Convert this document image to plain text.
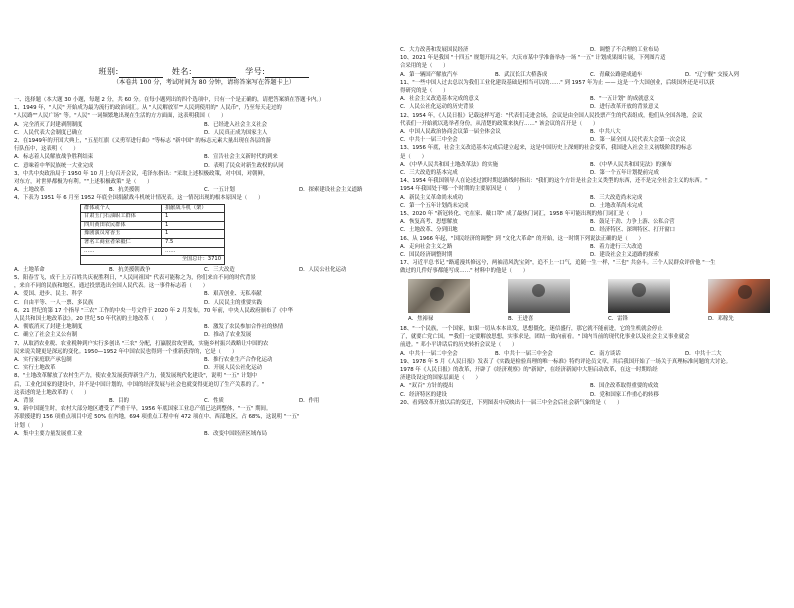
班别:	姓名:	学号:
（本卷共 100 分，考试时间为 80 分钟，请将答案写在答题卡上）
一、选择题（本大题 30 小题，每题 2 分，共 60 分。在每小题列出的四个选项中，只有一个是正确的，请把答案填在答题卡内。）
1、1949 年，"人民" 开始成为最为流行的政治词汇。从 "人民解放军""人民到使用的" 人民币"，乃至每天走过的
"人民路""人民广场" 等。"人民" 一词频繁地出现在生活的方方面面，这表明我国（　　）
A．完全消灭了封建剥削制度	B．已经进入社会主义社会
C．人民代表大会制度已确立	D．人民真正成为国家主人
2、在1949年的开国大典上，"五星红旗《义勇军进行曲》"等标志 "新中国" 的标志元素大量出现在各层的游
行队伍中，这表明（　　）
A．标志着人民解放战争胜利结束	B．宣告社会主义新时代的到来
C．意味着中华民族统一大业完成	D．表明了民众对新生政权的认同
3、中共中央政治局于 1950 年 10 月上旬召开会议，毛泽东指出："采取上述积极政策，对中国，对朝鲜，
对东方，对世界都极为有利。""上述积极政策" 是（　　）
A．土地改革	B．抗美援朝	C．一五计划	D．探索建设社会主义道路
4、下表为 1951 年 6 月至 1952 年底全国捐献战斗机统计情况表。这一情况出现的根本原因是（　　）
群体或个人	捐献战斗机（架）
甘肃玉门石油职工群体	1
四川黄田农民群体	1
豫剧演员常香玉	1
著名工商业者荣毅仁	7.5
……	……
全国总计：3710	
A．土地革命	B．抗美援朝战争	C．三大改造	D．人民公社化运动
5、阳春雪飞，成千上万百姓共庆祝胜利日，"人民同祖国" 代表可能称之为，你们来自不同的时代背景
，来自不同的民族和地区，通过投票选出全国人民代表。这一事件标志着（　　）
A．爱国、进步、民主、科学	B．艰苦创业、无私奉献
C．自由平等、一人一票、多民族	D．人民民主的重要实践
6、21 世纪的第 17 个指导 "三农" 工作的中央一号文件于 2020 年 2 月发布，70 年前，中央人民政府颁布了《中华
人民共和国土地改革法》。20 世纪 50 年代初的土地改革（　　）
A．彻底消灭了封建土地制度	B．激发了农民参加合作社的热情
C．确立了社会主义公有制	D．推动了农业发展
7、从取消农业税、农业税种到户实行多创出 "三农" 分配，打赢脱贫攻坚战，实施乡村振兴战略让中国的农
民来说关键更是深远的变化。1950—1952 年中国农民也得到一个重新获得的，它是（　　）
A．实行家庭联产承包制	B．推行农业生产合作化运动
C．实行土地改革	D．开展人民公社化运动
8、"土地改革解放了农村生产力，使农业发展获得新生产力，使发展现代化建设"，说明 "一五" 计划中
后，工业化国家的建设中，并不是中国计划的，中国的经济发展与社会也就变得更迫切了生产关系的了。"
这表述的是土地改革的（　　）
A．背景	B．目的	C．性质	D．作用
9、新中国诞生时，农村大部分地区遭受了严重干旱，1956 年底国家工业总产值已达到整体，"一五" 期间。
苏联援建的 156 项重点项目中近 50% 在内地，694 项重点工程中有 472 项在中、西部地区，占 68%，这说明 "一五"
计划（　　）
A．集中主要力量发展重工业	B．改变中国经济区域布局
C．大力改善和发展国民经济	D．调整了不合理的工业布局
10、2021 年是我国 "十四五" 规划开局之年。大庆市某中学准备举办一场 "一五" 计划成果图片展，下列图片适
合采用的是（　　）
A．第一辆国产解放汽车	B．武汉长江大桥落成	C．青藏公路建成通车	D．"辽宁舰" 交接入列
11、"一些中国人过去总以为我们工业化建设基础是相当可以的……" 到 1957 年为止 —— 这是一个大国创业，后续国外还是可以获
得研究的是（　　）
A．社会主义改造基本完成的意义	B．"一五计划" 的成就意义
C．人民公社化运动的历史背景	D．进行改革开放的背景意义
12、1954 年，《人民日报》记载这样写道："代表们走进会场，会议是由全国人民投票产生的代表组成，他们从全国各地，会议
代表们一开始就以选举者身份，从清楚的政策来执行……" 该会议的召开是（　　）
A．中国人民政治协商会议第一届全体会议	B．中共八大
C．中共十一届三中全会	D．第一届全国人民代表大会第一次会议
13、1956 年底，社会主义改造基本完成后建立起来，这是中国历史上深刻的社会变革，我国进入社会主义初级阶段的标志
是（　　）
A．《中华人民共和国土地改革法》的实施	B．《中华人民共和国宪法》的颁布
C．三大改造的基本完成	D．第一个五年计划提前完成
14、1954 年我国领导人在论述过渡时期总路线时指出："我们的这个方针是社会主义类型的东西，还不是完全社会主义的东西。"
1954 年我国处于哪一个时期的主要原因是（　　）
A．新民主义革命尚未成功	B．三大改造尚未完成
C．第一个五年计划尚未完成	D．土地改革尚未完成
15、2020 年 "新冠转化、宅在家、戴口罩" 成了最热门词汇，1958 年可能出现的热门词汇是（　　）
A．恢复高考、思想解放	B．鼓足干劲、力争上游、公私合营
C．土地改革、分到田地	D．经济特区、深圳特区、打开窗口
16、从 1966 年起，"国民经济的调整" 到 "文化大革命" 的开始，这一时期下列说法正确的是（　　）
A．走向社会主义之路	B．着力进行三大改造
C．国民经济调整时期	D．建设社会主义道路的探索
17、习近平总书记 "路遥漫其修远兮，两袖清风洗宝剑"，追不上一口气，追随一生一样，"三也" 共奋斗。三个人民群众评价他 "一生
做过的几件好事都能写成……" 材料中的他是（　　）
A．焦裕禄	B．王进喜	C．雷锋	D．邓稼先
18、"一个民族，一个国家，如果一切从本本出发，思想僵化，迷信盛行，那它就不能前进，它的生机就会停止
了，就要亡党亡国。""我们一定要解放思想，实事求是，团结一致向前看。" 国内当前的现代化事业以及社会主义事业就会
前进。" 邓小平讲话后的历史转折会议是（　　）
A．中共十一届二中全会	B．中共十一届三中全会	C．南方谈话	D．中共十二大
19、1978 年 5 月《人民日报》发表了《实践是检验真理的唯一标准》特约评论员文章，其后我国开始了一场关于真理标准问题的大讨论。
1978 年《人民日报》的改革，开辟了《经济观察》的"新闻"，在经济新闻中大胆启动改革，在这一时期给经
济建设设定的国家层面是（　　）
A．"双百" 方针的提出	B．国企改革取得重要的成效
C．经济特区的建设	D．党和国家工作重心的转移
20、看到改革开放以后的变迁，下列图表中反映出十一届三中全会后社会新气象的是（　　）
